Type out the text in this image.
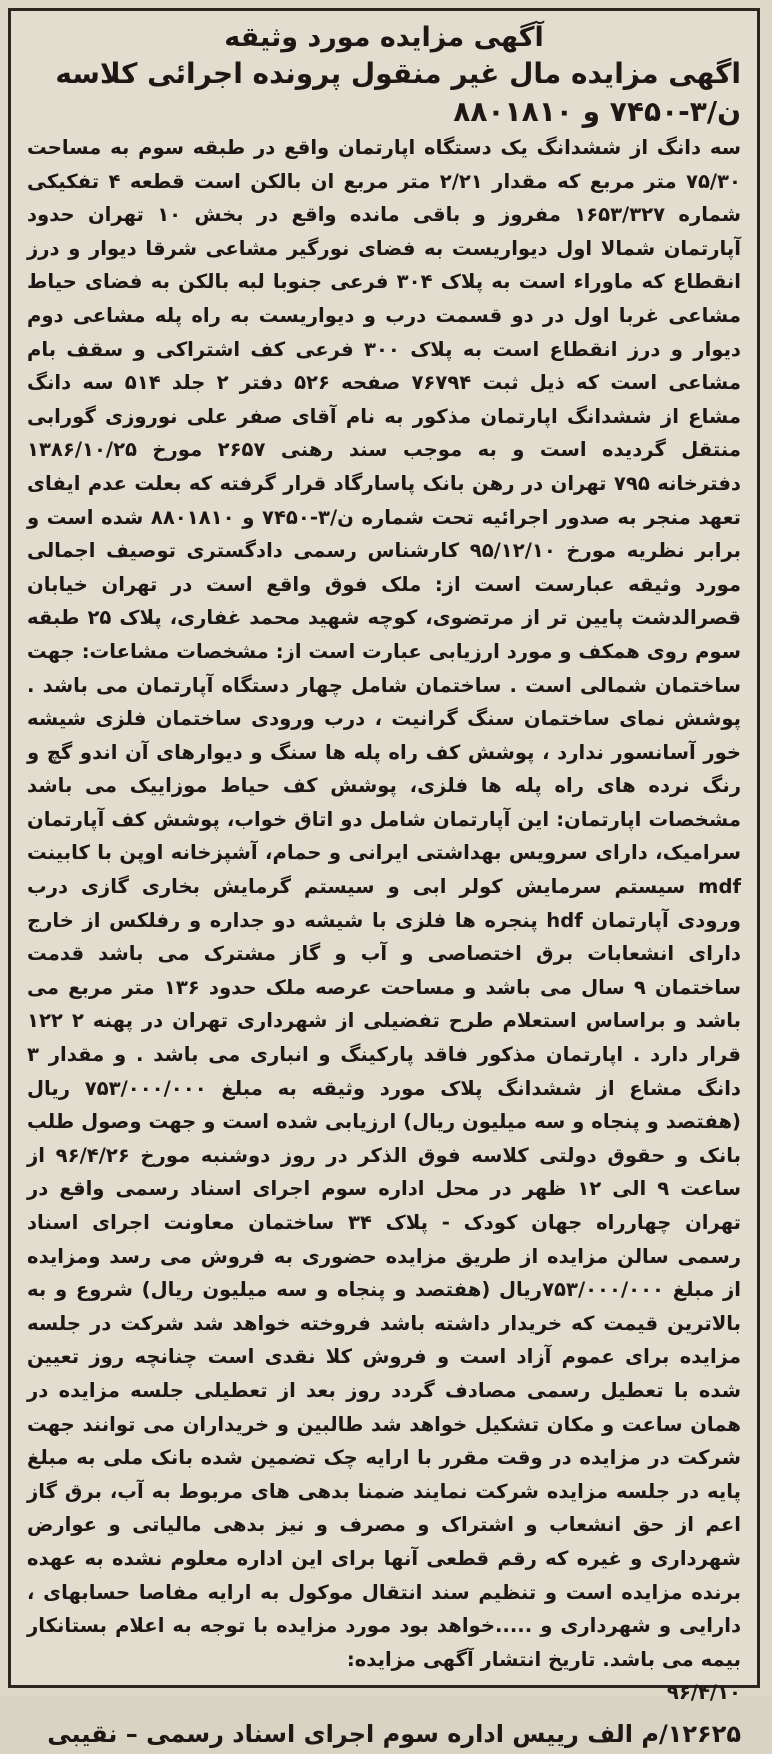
آگهی مزایده مورد وثیقه

اگهی مزایده مال غیر منقول پرونده اجرائی کلاسه ن/۳-۷۴۵۰ و ۸۸۰۱۸۱۰

سه دانگ از ششدانگ یک دستگاه اپارتمان واقع در طبقه سوم به مساحت ۷۵/۳۰ متر مربع که مقدار ۲/۲۱ متر مربع ان بالکن است قطعه ۴ تفکیکی شماره ۱۶۵۳/۳۲۷ مفروز و باقی مانده واقع در بخش ۱۰ تهران حدود آپارتمان شمالا اول دیواریست به فضای نورگیر مشاعی شرقا دیوار و درز انقطاع که ماوراء است به پلاک ۳۰۴ فرعی جنوبا لبه بالکن به فضای حیاط مشاعی غربا اول در دو قسمت درب و دیواریست به راه پله مشاعی دوم دیوار و درز انقطاع است به پلاک ۳۰۰ فرعی کف اشتراکی و سقف بام مشاعی است که ذیل ثبت ۷۶۷۹۴ صفحه ۵۲۶ دفتر ۲ جلد ۵۱۴ سه دانگ مشاع از ششدانگ اپارتمان مذکور به نام آقای صفر علی نوروزی گورابی منتقل گردیده است و به موجب سند رهنی ۲۶۵۷ مورخ ۱۳۸۶/۱۰/۲۵ دفترخانه ۷۹۵ تهران در رهن بانک پاسارگاد قرار گرفته که بعلت عدم ایفای تعهد منجر به صدور اجرائیه تحت شماره ن/۳-۷۴۵۰ و ۸۸۰۱۸۱۰ شده است و برابر نظریه مورخ ۹۵/۱۲/۱۰ کارشناس رسمی دادگستری توصیف اجمالی مورد وثیقه عبارست است از: ملک فوق واقع است در تهران خیابان قصرالدشت پایین تر از مرتضوی، کوچه شهید محمد غفاری، پلاک ۲۵ طبقه سوم روی همکف و مورد ارزیابی عبارت است از: مشخصات مشاعات: جهت ساختمان شمالی است . ساختمان شامل چهار دستگاه آپارتمان می باشد . پوشش نمای ساختمان سنگ گرانیت ، درب ورودی ساختمان فلزی شیشه خور آسانسور ندارد ، پوشش کف راه پله ها سنگ و دیوارهای آن اندو گچ و رنگ نرده های راه پله ها فلزی، پوشش کف حیاط موزاییک می باشد مشخصات اپارتمان: این آپارتمان شامل دو اتاق خواب، پوشش کف آپارتمان سرامیک، دارای سرویس بهداشتی ایرانی و حمام، آشپزخانه اوپن با کابینت mdf سیستم سرمایش کولر ابی و سیستم گرمایش بخاری گازی درب ورودی آپارتمان hdf پنجره ها فلزی با شیشه دو جداره و رفلکس از خارج دارای انشعابات برق اختصاصی و آب و گاز مشترک می باشد قدمت ساختمان ۹ سال می باشد و مساحت عرصه ملک حدود ۱۳۶ متر مربع می باشد و براساس استعلام طرح تفضیلی از شهرداری تهران در پهنه ۲ ۱۲۲ قرار دارد . اپارتمان مذکور فاقد پارکینگ و انباری می باشد . و مقدار ۳ دانگ مشاع از ششدانگ پلاک مورد وثیقه به مبلغ ۷۵۳/۰۰۰/۰۰۰ ریال (هفتصد و پنجاه و سه میلیون ریال) ارزیابی شده است و جهت وصول طلب بانک و حقوق دولتی کلاسه فوق الذکر در روز دوشنبه مورخ ۹۶/۴/۲۶ از ساعت ۹ الی ۱۲ ظهر در محل اداره سوم اجرای اسناد رسمی واقع در تهران چهارراه جهان کودک - پلاک ۳۴ ساختمان معاونت اجرای اسناد رسمی سالن مزایده از طریق مزایده حضوری به فروش می رسد ومزایده از مبلغ ۷۵۳/۰۰۰/۰۰۰ریال (هفتصد و پنجاه و سه میلیون ریال) شروع و به بالاترین قیمت که خریدار داشته باشد فروخته خواهد شد شرکت در جلسه مزایده برای عموم آزاد است و فروش کلا نقدی است چنانچه روز تعیین شده با تعطیل رسمی مصادف گردد روز بعد از تعطیلی جلسه مزایده در همان ساعت و مکان تشکیل خواهد شد طالبین و خریداران می توانند جهت شرکت در مزایده در وقت مقرر با ارایه چک تضمین شده بانک ملی به مبلغ پایه در جلسه مزایده شرکت نمایند ضمنا بدهی های مربوط به آب، برق گاز اعم از حق انشعاب و اشتراک و مصرف و نیز بدهی مالیاتی و عوارض شهرداری و غیره که رقم قطعی آنها برای این اداره معلوم نشده به عهده برنده مزایده است و تنظیم سند انتقال موکول به ارایه مفاصا حسابهای ، دارایی و شهرداری و .....خواهد بود مورد مزایده با توجه به اعلام بستانکار بیمه می باشد. تاریخ انتشار آگهی مزایده:

۹۶/۴/۱۰

۱۲۶۲۵/م الف رییس اداره سوم اجرای اسناد رسمی – نقیبی
